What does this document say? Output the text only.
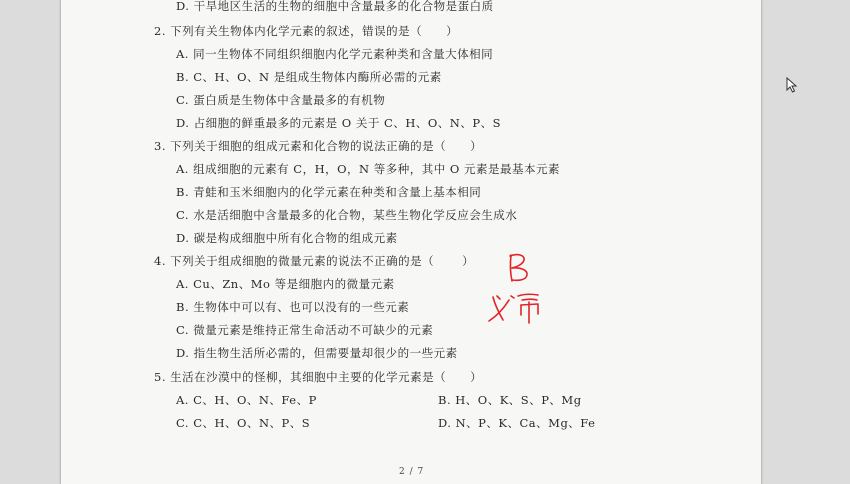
D. 干旱地区生活的生物的细胞中含量最多的化合物是蛋白质
2. 下列有关生物体内化学元素的叙述，错误的是（　　）
A. 同一生物体不同组织细胞内化学元素种类和含量大体相同
B. C、H、O、N 是组成生物体内酶所必需的元素
C. 蛋白质是生物体中含量最多的有机物
D. 占细胞的鲜重最多的元素是 O 关于 C、H、O、N、P、S
3. 下列关于细胞的组成元素和化合物的说法正确的是（　　）
A. 组成细胞的元素有 C，H，O，N 等多种，其中 O 元素是最基本元素
B. 青蛙和玉米细胞内的化学元素在种类和含量上基本相同
C. 水是活细胞中含量最多的化合物，某些生物化学反应会生成水
D. 碳是构成细胞中所有化合物的组成元素
4. 下列关于组成细胞的微量元素的说法不正确的是（ ）
A. Cu、Zn、Mo 等是细胞内的微量元素
B. 生物体中可以有、也可以没有的一些元素
C. 微量元素是维持正常生命活动不可缺少的元素
D. 指生物生活所必需的，但需要量却很少的一些元素
5. 生活在沙漠中的怪柳，其细胞中主要的化学元素是（　　）
A. C、H、O、N、Fe、P	B. H、O、K、S、P、Mg
C. C、H、O、N、P、S	D. N、P、K、Ca、Mg、Fe
2 / 7
